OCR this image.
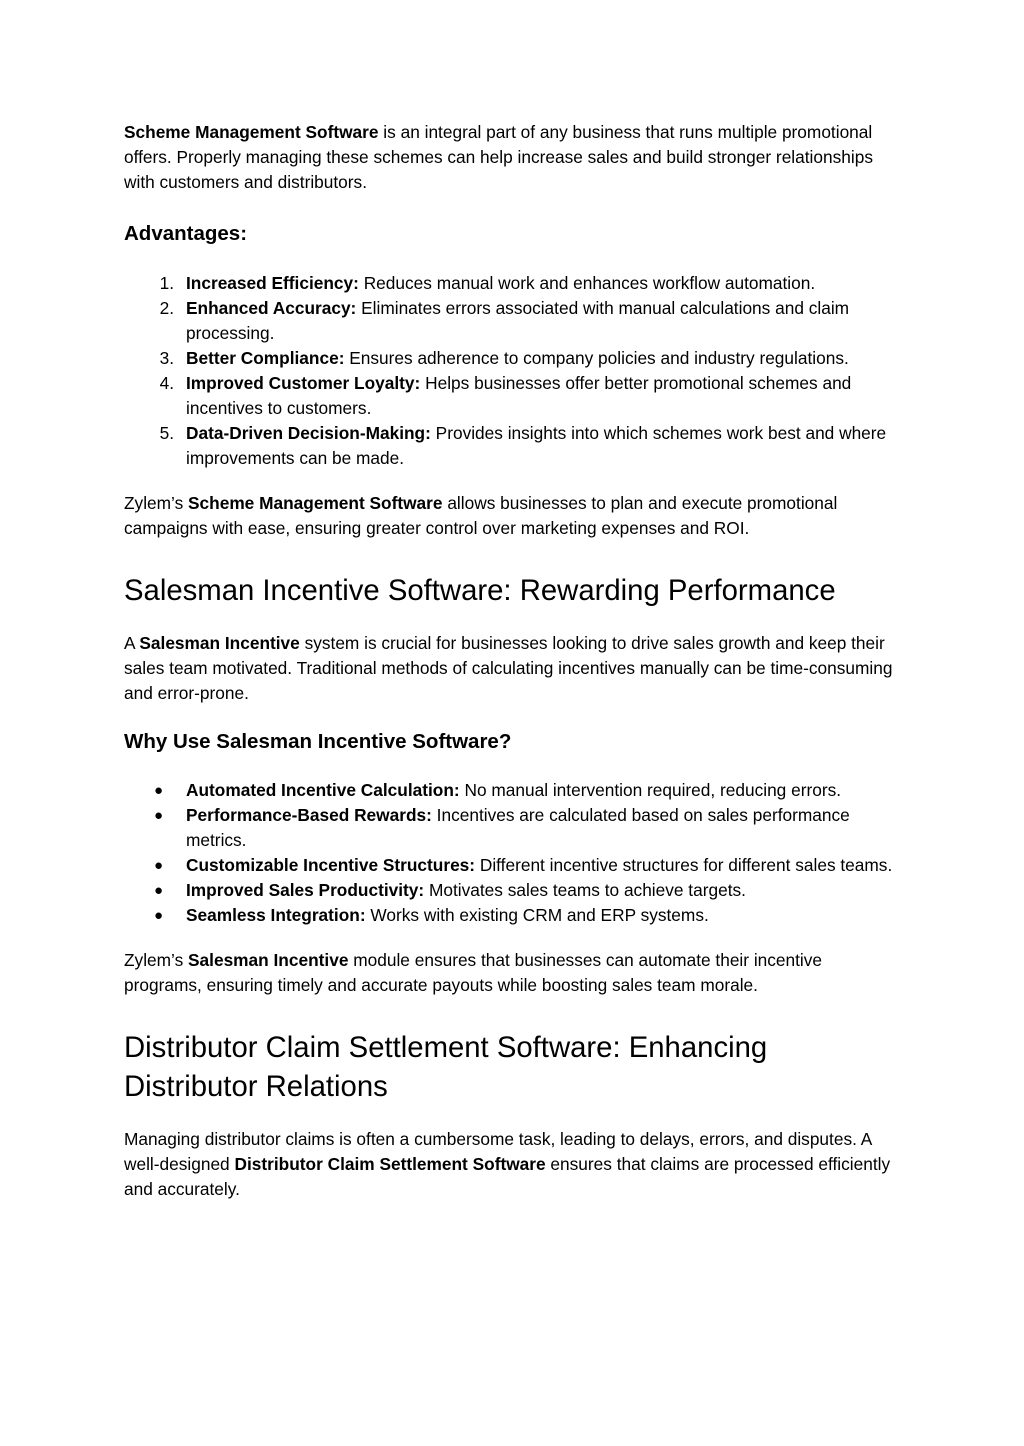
Scheme Management Software is an integral part of any business that runs multiple promotional offers. Properly managing these schemes can help increase sales and build stronger relationships with customers and distributors.

Advantages:
1. Increased Efficiency: Reduces manual work and enhances workflow automation.
2. Enhanced Accuracy: Eliminates errors associated with manual calculations and claim processing.
3. Better Compliance: Ensures adherence to company policies and industry regulations.
4. Improved Customer Loyalty: Helps businesses offer better promotional schemes and incentives to customers.
5. Data-Driven Decision-Making: Provides insights into which schemes work best and where improvements can be made.

Zylem’s Scheme Management Software allows businesses to plan and execute promotional campaigns with ease, ensuring greater control over marketing expenses and ROI.

Salesman Incentive Software: Rewarding Performance

A Salesman Incentive system is crucial for businesses looking to drive sales growth and keep their sales team motivated. Traditional methods of calculating incentives manually can be time-consuming and error-prone.

Why Use Salesman Incentive Software?
●	Automated Incentive Calculation: No manual intervention required, reducing errors.
●	Performance-Based Rewards: Incentives are calculated based on sales performance metrics.
●	Customizable Incentive Structures: Different incentive structures for different sales teams.
●	Improved Sales Productivity: Motivates sales teams to achieve targets.
●	Seamless Integration: Works with existing CRM and ERP systems.

Zylem’s Salesman Incentive module ensures that businesses can automate their incentive programs, ensuring timely and accurate payouts while boosting sales team morale.

Distributor Claim Settlement Software: Enhancing Distributor Relations

Managing distributor claims is often a cumbersome task, leading to delays, errors, and disputes. A well-designed Distributor Claim Settlement Software ensures that claims are processed efficiently and accurately.
